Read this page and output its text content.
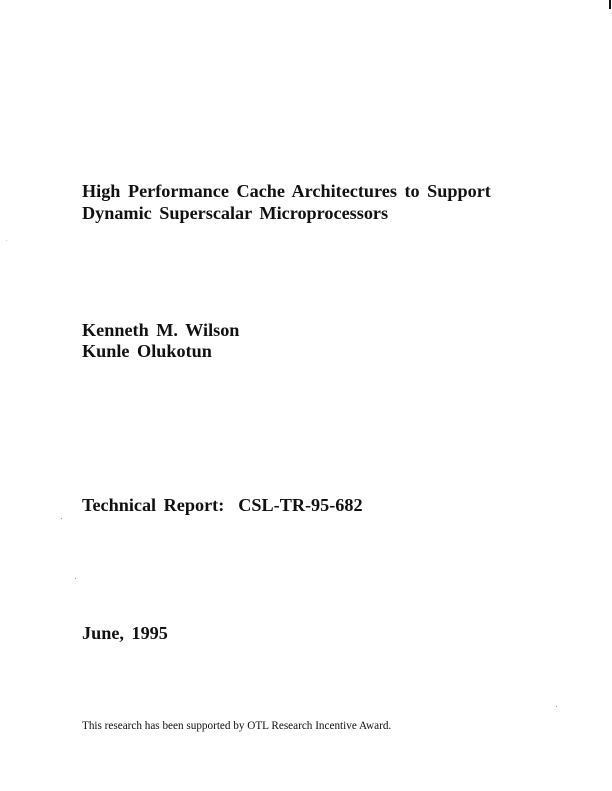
High Performance Cache Architectures to Support
Dynamic Superscalar Microprocessors

Kenneth M. Wilson

Kunle Olukotun

Technical Report: CSL-TR-95-682

June, 1995

This research has been supported by OTL Research Incentive Award.
